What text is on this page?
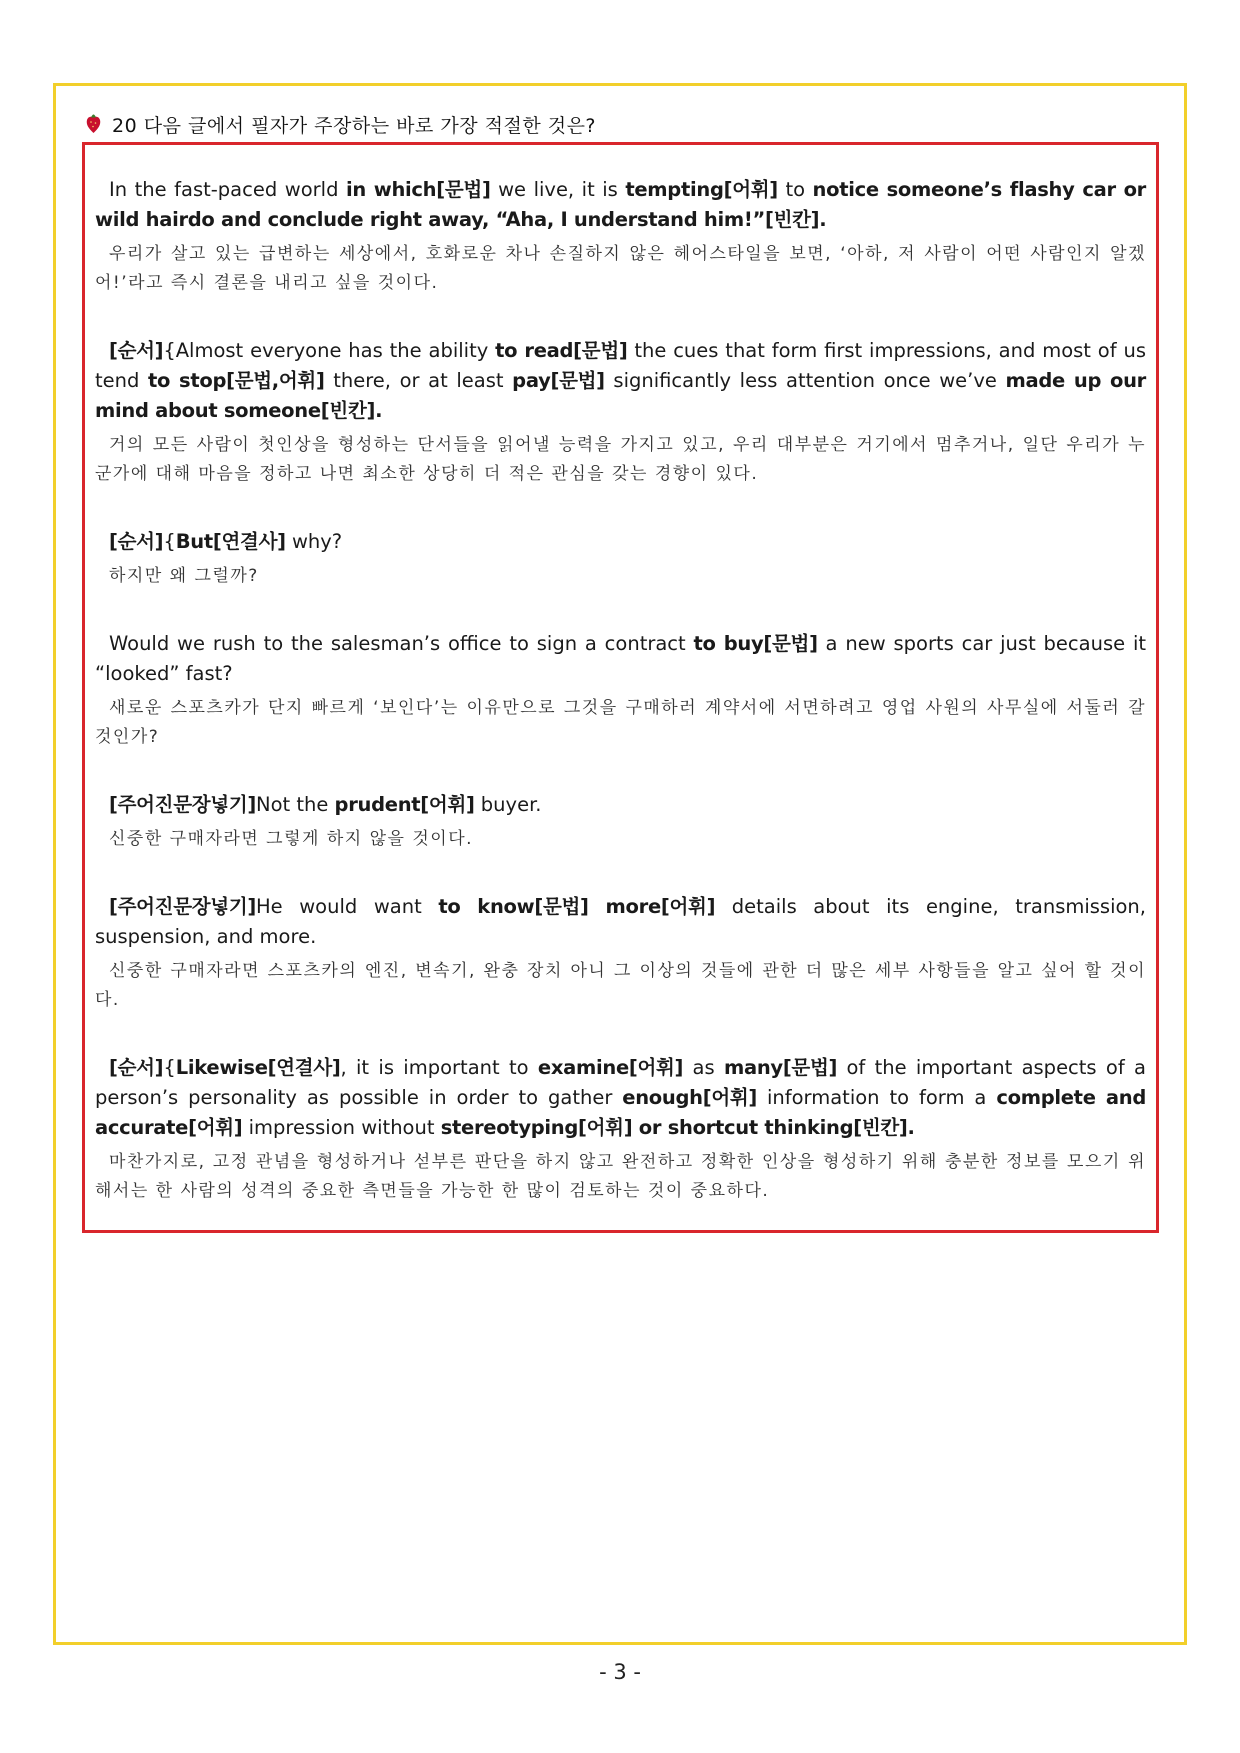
20 다음 글에서 필자가 주장하는 바로 가장 적절한 것은?
In the fast-paced world in which[문법] we live, it is tempting[어휘] to notice someone’s flashy car or wild hairdo and conclude right away, “Aha, I understand him!”[빈칸].
우리가 살고 있는 급변하는 세상에서, 호화로운 차나 손질하지 않은 헤어스타일을 보면, ‘아하, 저 사람이 어떤 사람인지 알겠어!’라고 즉시 결론을 내리고 싶을 것이다.
[순서]{Almost everyone has the ability to read[문법] the cues that form first impressions, and most of us tend to stop[문법,어휘] there, or at least pay[문법] significantly less attention once we’ve made up our mind about someone[빈칸].
거의 모든 사람이 첫인상을 형성하는 단서들을 읽어낼 능력을 가지고 있고, 우리 대부분은 거기에서 멈추거나, 일단 우리가 누군가에 대해 마음을 정하고 나면 최소한 상당히 더 적은 관심을 갖는 경향이 있다.
[순서]{But[연결사] why?
하지만 왜 그럴까?
Would we rush to the salesman’s office to sign a contract to buy[문법] a new sports car just because it “looked” fast?
새로운 스포츠카가 단지 빠르게 ‘보인다’는 이유만으로 그것을 구매하러 계약서에 서면하려고 영업 사원의 사무실에 서둘러 갈 것인가?
[주어진문장넣기]Not the prudent[어휘] buyer.
신중한 구매자라면 그렇게 하지 않을 것이다.
[주어진문장넣기]He would want to know[문법] more[어휘] details about its engine, transmission, suspension, and more.
신중한 구매자라면 스포츠카의 엔진, 변속기, 완충 장치 아니 그 이상의 것들에 관한 더 많은 세부 사항들을 알고 싶어 할 것이다.
[순서]{Likewise[연결사], it is important to examine[어휘] as many[문법] of the important aspects of a person’s personality as possible in order to gather enough[어휘] information to form a complete and accurate[어휘] impression without stereotyping[어휘] or shortcut thinking[빈칸].
마찬가지로, 고정 관념을 형성하거나 섣부른 판단을 하지 않고 완전하고 정확한 인상을 형성하기 위해 충분한 정보를 모으기 위해서는 한 사람의 성격의 중요한 측면들을 가능한 한 많이 검토하는 것이 중요하다.
- 3 -
